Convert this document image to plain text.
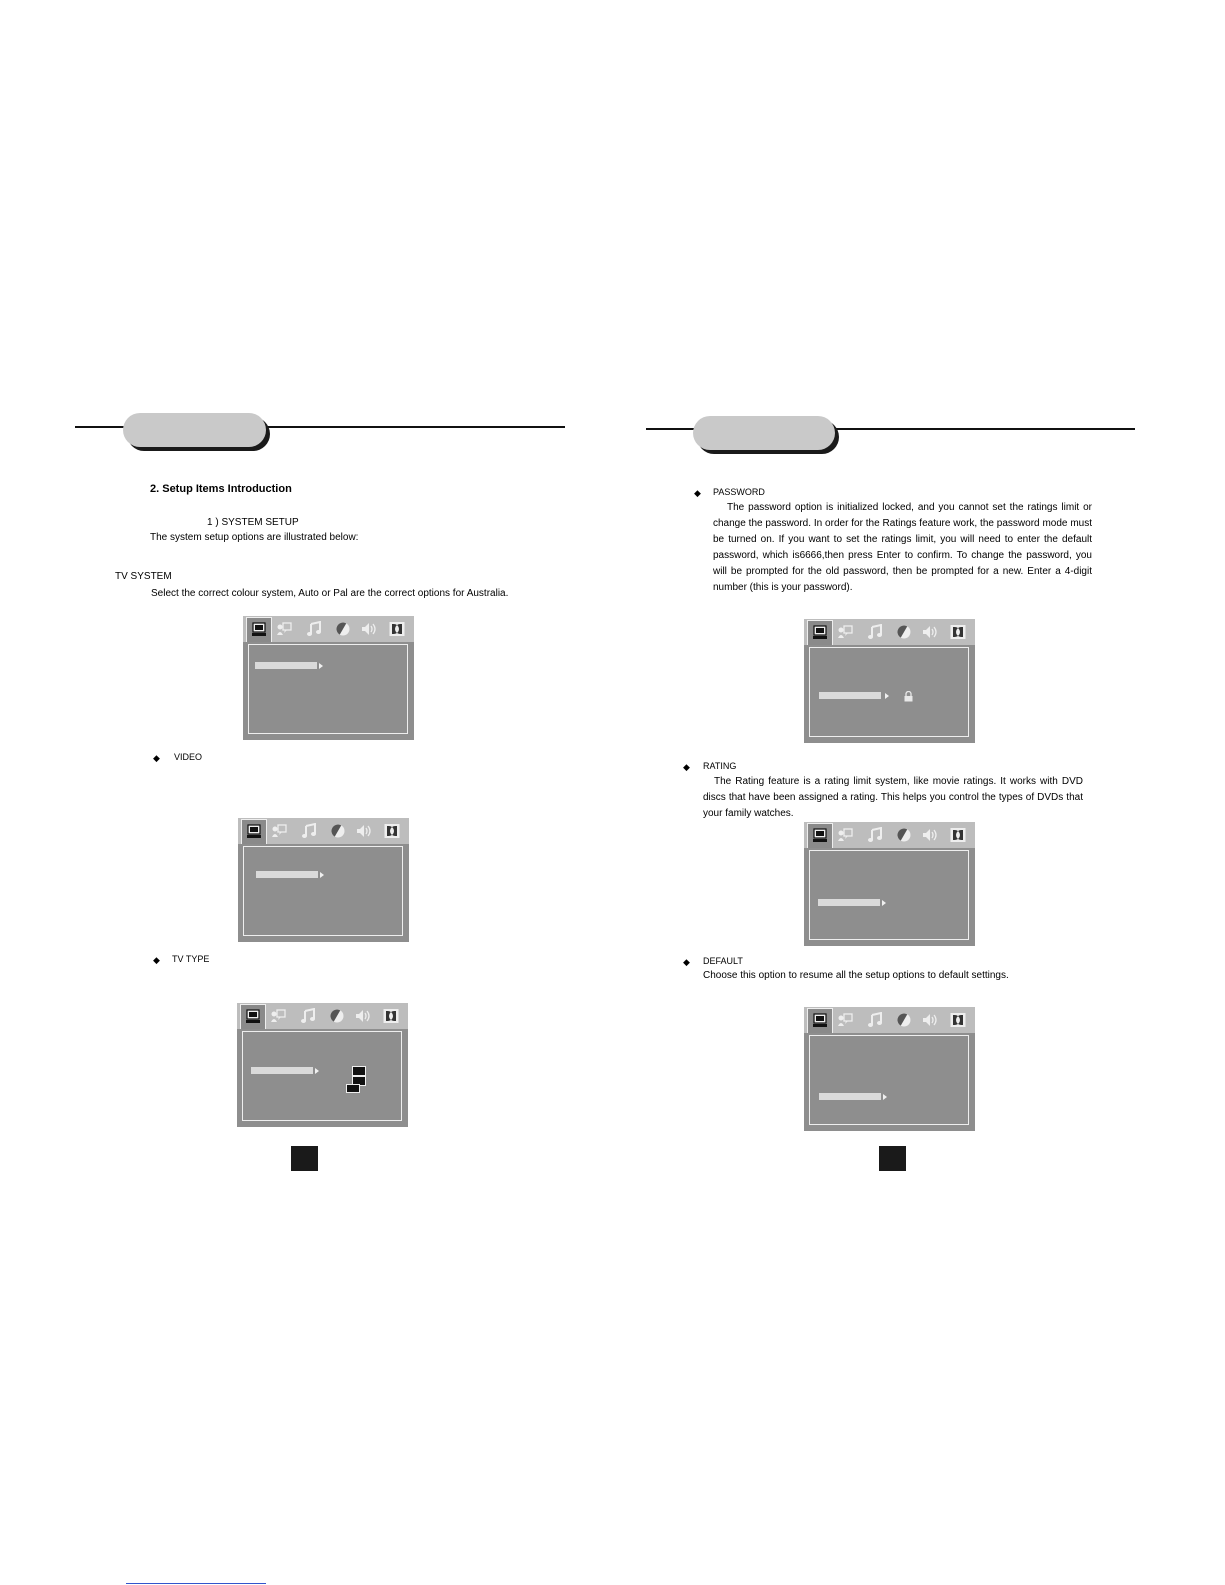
2. Setup Items Introduction
1 ) SYSTEM SETUP
The system setup options are illustrated below:
TV SYSTEM
Select the correct colour system, Auto or Pal are the correct options for Australia.
◆ VIDEO
◆ TV TYPE
◆ PASSWORD
The password option is initialized locked, and you cannot set the ratings limit or change the password. In order for the Ratings feature work, the password mode must be turned on. If you want to set the ratings limit, you will need to enter the default password, which is6666,then press Enter to confirm. To change the password, you will be prompted for the old password, then be prompted for a new. Enter a 4-digit number (this is your password).
◆ RATING
The Rating feature is a rating limit system, like movie ratings. It works with DVD discs that have been assigned a rating. This helps you control the types of DVDs that your family watches.
◆ DEFAULT
Choose this option to resume all the setup options to default settings.
